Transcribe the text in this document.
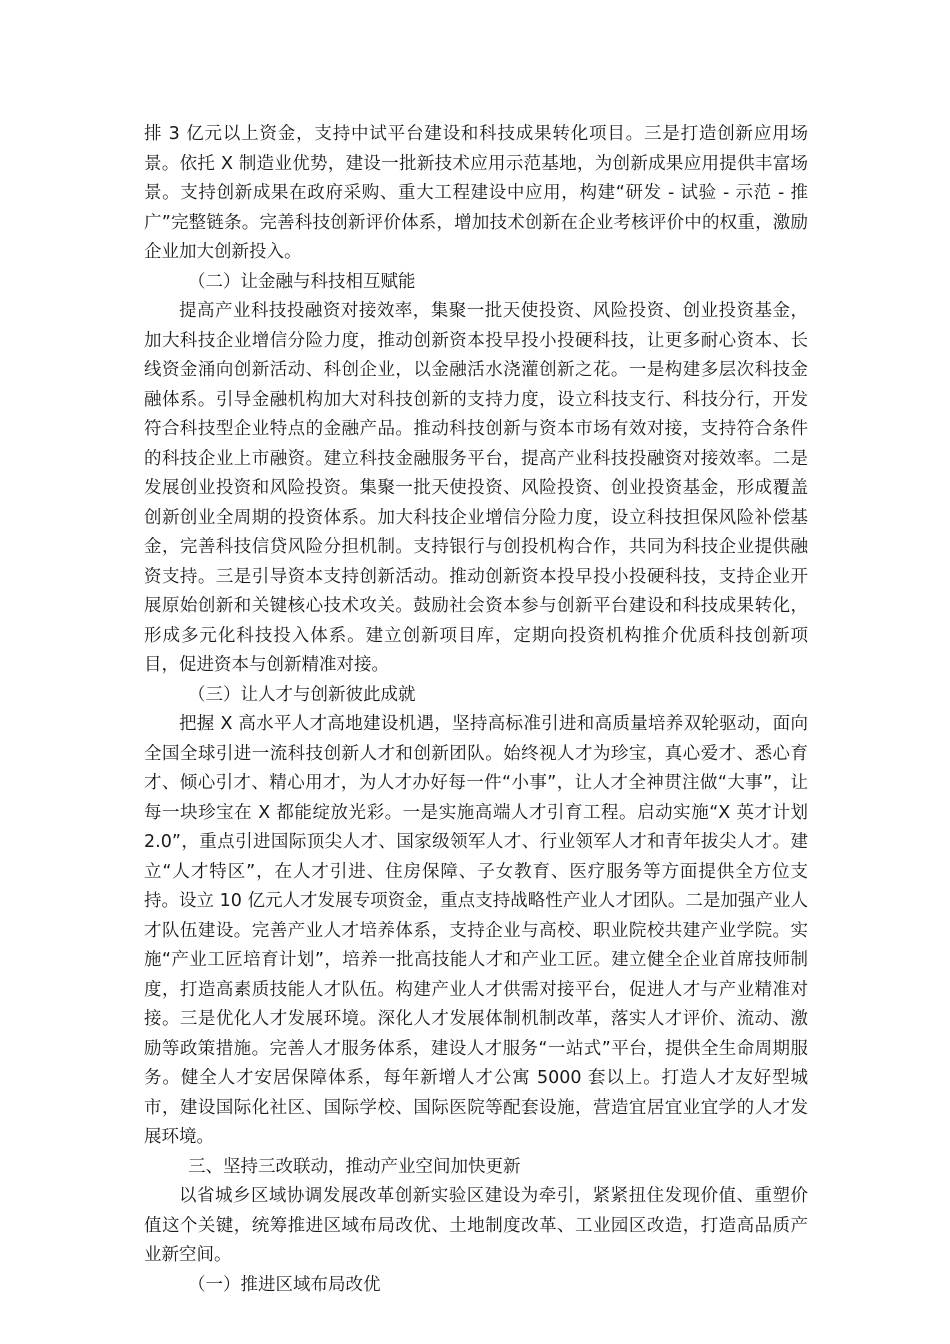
排 3 亿元以上资金，支持中试平台建设和科技成果转化项目。三是打造创新应用场景。依托 X 制造业优势，建设一批新技术应用示范基地，为创新成果应用提供丰富场景。支持创新成果在政府采购、重大工程建设中应用，构建“研发 - 试验 - 示范 - 推广”完整链条。完善科技创新评价体系，增加技术创新在企业考核评价中的权重，激励企业加大创新投入。

（二）让金融与科技相互赋能

提高产业科技投融资对接效率，集聚一批天使投资、风险投资、创业投资基金，加大科技企业增信分险力度，推动创新资本投早投小投硬科技，让更多耐心资本、长线资金涌向创新活动、科创企业，以金融活水浇灌创新之花。一是构建多层次科技金融体系。引导金融机构加大对科技创新的支持力度，设立科技支行、科技分行，开发符合科技型企业特点的金融产品。推动科技创新与资本市场有效对接，支持符合条件的科技企业上市融资。建立科技金融服务平台，提高产业科技投融资对接效率。二是发展创业投资和风险投资。集聚一批天使投资、风险投资、创业投资基金，形成覆盖创新创业全周期的投资体系。加大科技企业增信分险力度，设立科技担保风险补偿基金，完善科技信贷风险分担机制。支持银行与创投机构合作，共同为科技企业提供融资支持。三是引导资本支持创新活动。推动创新资本投早投小投硬科技，支持企业开展原始创新和关键核心技术攻关。鼓励社会资本参与创新平台建设和科技成果转化，形成多元化科技投入体系。建立创新项目库，定期向投资机构推介优质科技创新项目，促进资本与创新精准对接。

（三）让人才与创新彼此成就

把握 X 高水平人才高地建设机遇，坚持高标准引进和高质量培养双轮驱动，面向全国全球引进一流科技创新人才和创新团队。始终视人才为珍宝，真心爱才、悉心育才、倾心引才、精心用才，为人才办好每一件“小事”，让人才全神贯注做“大事”，让每一块珍宝在 X 都能绽放光彩。一是实施高端人才引育工程。启动实施“X 英才计划 2.0”，重点引进国际顶尖人才、国家级领军人才、行业领军人才和青年拔尖人才。建立“人才特区”，在人才引进、住房保障、子女教育、医疗服务等方面提供全方位支持。设立 10 亿元人才发展专项资金，重点支持战略性产业人才团队。二是加强产业人才队伍建设。完善产业人才培养体系，支持企业与高校、职业院校共建产业学院。实施“产业工匠培育计划”，培养一批高技能人才和产业工匠。建立健全企业首席技师制度，打造高素质技能人才队伍。构建产业人才供需对接平台，促进人才与产业精准对接。三是优化人才发展环境。深化人才发展体制机制改革，落实人才评价、流动、激励等政策措施。完善人才服务体系，建设人才服务“一站式”平台，提供全生命周期服务。健全人才安居保障体系，每年新增人才公寓 5000 套以上。打造人才友好型城市，建设国际化社区、国际学校、国际医院等配套设施，营造宜居宜业宜学的人才发展环境。

三、坚持三改联动，推动产业空间加快更新

以省城乡区域协调发展改革创新实验区建设为牵引，紧紧扭住发现价值、重塑价值这个关键，统筹推进区域布局改优、土地制度改革、工业园区改造，打造高品质产业新空间。

（一）推进区域布局改优
